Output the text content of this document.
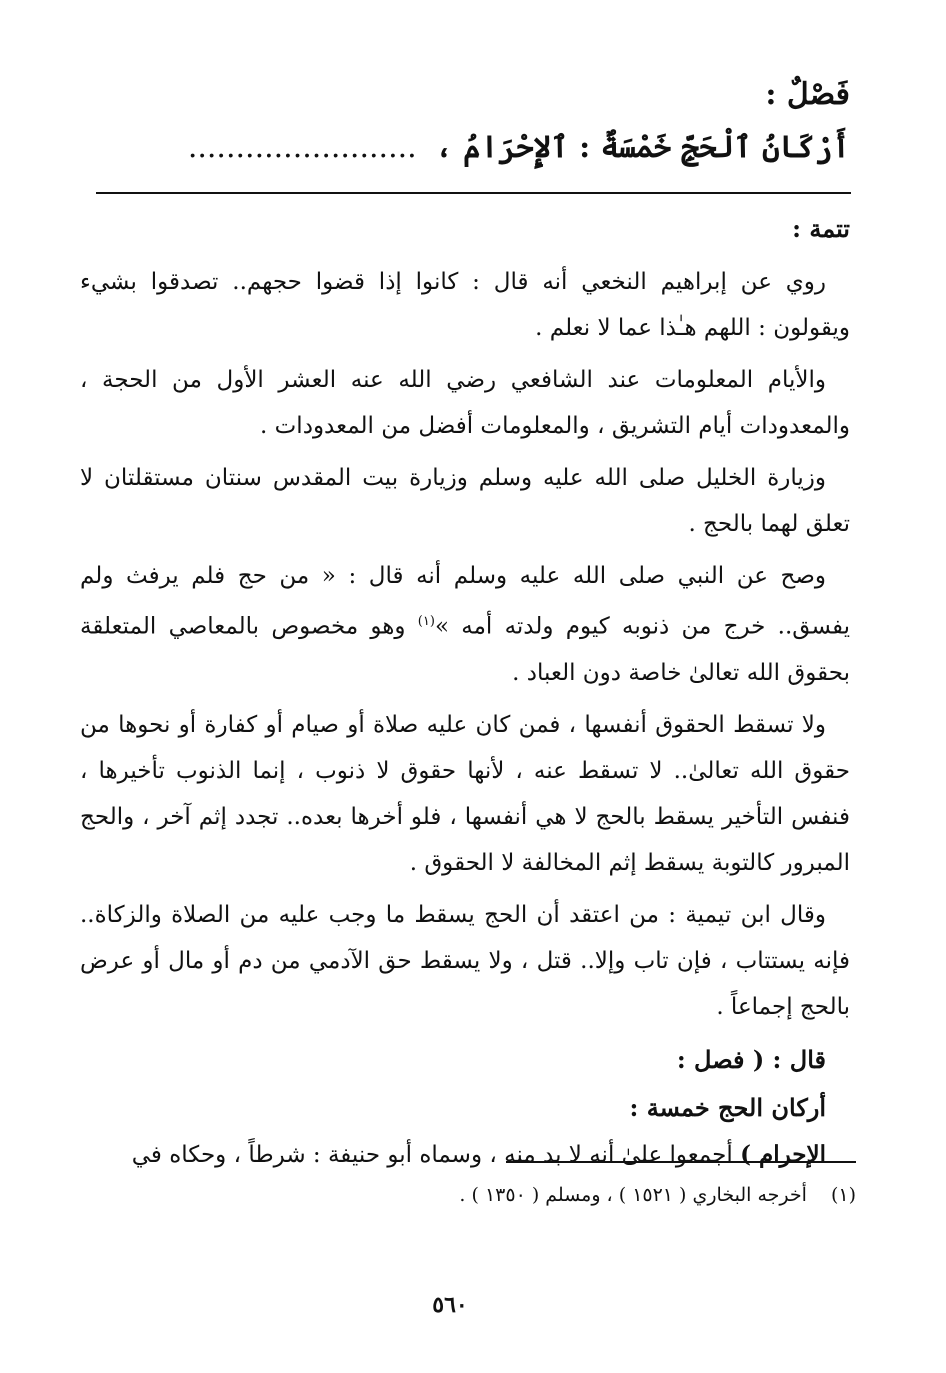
فَصْلٌ :
أَرْكَانُ ٱلْحَجِّ خَمْسَةٌ : ٱلإِحْرَامُ ، ........................
تتمة :

روي عن إبراهيم النخعي أنه قال : كانوا إذا قضوا حجهم.. تصدقوا بشيء ويقولون : اللهم هـٰذا عما لا نعلم .

والأيام المعلومات عند الشافعي رضي الله عنه العشر الأول من الحجة ، والمعدودات أيام التشريق ، والمعلومات أفضل من المعدودات .

وزيارة الخليل صلى الله عليه وسلم وزيارة بيت المقدس سنتان مستقلتان لا تعلق لهما بالحج .

وصح عن النبي صلى الله عليه وسلم أنه قال : « من حج فلم يرفث ولم يفسق.. خرج من ذنوبه كيوم ولدته أمه »$^{(١)}$ وهو مخصوص بالمعاصي المتعلقة بحقوق الله تعالىٰ خاصة دون العباد .

ولا تسقط الحقوق أنفسها ، فمن كان عليه صلاة أو صيام أو كفارة أو نحوها من حقوق الله تعالىٰ.. لا تسقط عنه ، لأنها حقوق لا ذنوب ، إنما الذنوب تأخيرها ، فنفس التأخير يسقط بالحج لا هي أنفسها ، فلو أخرها بعده.. تجدد إثم آخر ، والحج المبرور كالتوبة يسقط إثم المخالفة لا الحقوق .

وقال ابن تيمية : من اعتقد أن الحج يسقط ما وجب عليه من الصلاة والزكاة.. فإنه يستتاب ، فإن تاب وإلا.. قتل ، ولا يسقط حق الآدمي من دم أو مال أو عرض بالحج إجماعاً .

قال : ( فصل :
أركان الحج خمسة :

الإحرام ) أجمعوا علىٰ أنه لا بد منه ، وسماه أبو حنيفة : شرطاً ، وحكاه في

(١) أخرجه البخاري ( ١٥٢١ ) ، ومسلم ( ١٣٥٠ ) .
٥٦٠
